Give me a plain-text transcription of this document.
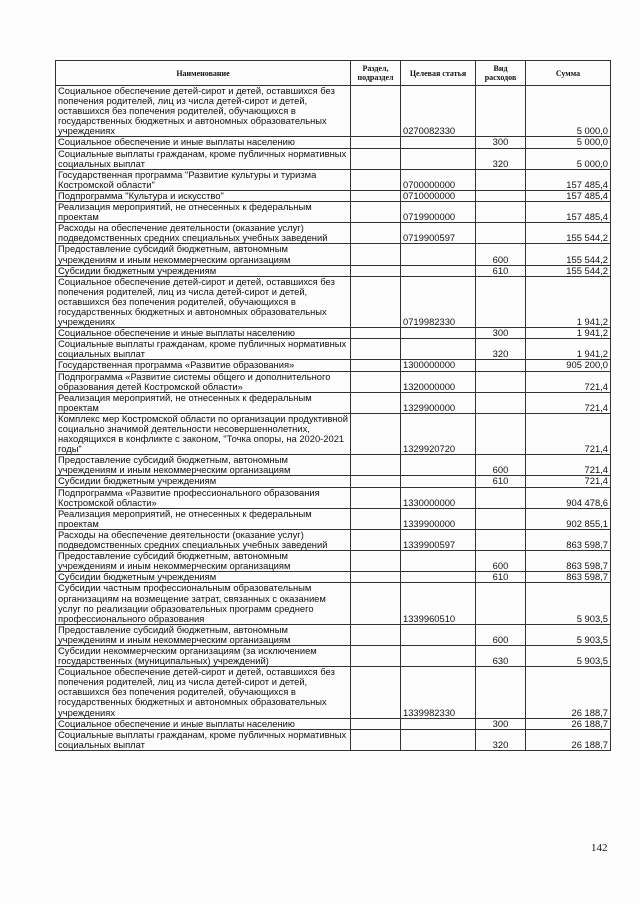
Наименование	Раздел, подраздел	Целевая статья	Вид расходов	Сумма
Социальное обеспечение детей-сирот и детей, оставшихся без попечения родителей, лиц из числа детей-сирот и детей, оставшихся без попечения родителей, обучающихся в государственных бюджетных и автономных образовательных учреждениях		0270082330		5 000,0
Социальное обеспечение и иные выплаты населению			300	5 000,0
Социальные выплаты гражданам, кроме публичных нормативных социальных выплат			320	5 000,0
Государственная программа "Развитие культуры и туризма Костромской области"		0700000000		157 485,4
Подпрограмма "Культура и искусство"		0710000000		157 485,4
Реализация мероприятий, не отнесенных к федеральным проектам		0719900000		157 485,4
Расходы на обеспечение деятельности (оказание услуг) подведомственных средних специальных учебных заведений		0719900597		155 544,2
Предоставление субсидий бюджетным, автономным учреждениям и иным некоммерческим организациям			600	155 544,2
Субсидии бюджетным учреждениям			610	155 544,2
Социальное обеспечение детей-сирот и детей, оставшихся без попечения родителей, лиц из числа детей-сирот и детей, оставшихся без попечения родителей, обучающихся в государственных бюджетных и автономных образовательных учреждениях		0719982330		1 941,2
Социальное обеспечение и иные выплаты населению			300	1 941,2
Социальные выплаты гражданам, кроме публичных нормативных социальных выплат			320	1 941,2
Государственная программа «Развитие образования»		1300000000		905 200,0
Подпрограмма «Развитие системы общего и дополнительного образования детей Костромской области»		1320000000		721,4
Реализация мероприятий, не отнесенных к федеральным проектам		1329900000		721,4
Комплекс мер Костромской области по организации продуктивной социально значимой деятельности несовершеннолетних, находящихся в конфликте с законом, "Точка опоры, на 2020-2021 годы"		1329920720		721,4
Предоставление субсидий бюджетным, автономным учреждениям и иным некоммерческим организациям			600	721,4
Субсидии бюджетным учреждениям			610	721,4
Подпрограмма «Развитие профессионального образования Костромской области»		1330000000		904 478,6
Реализация мероприятий, не отнесенных к федеральным проектам		1339900000		902 855,1
Расходы на обеспечение деятельности (оказание услуг) подведомственных средних специальных учебных заведений		1339900597		863 598,7
Предоставление субсидий бюджетным, автономным учреждениям и иным некоммерческим организациям			600	863 598,7
Субсидии бюджетным учреждениям			610	863 598,7
Субсидии частным профессиональным образовательным организациям на возмещение затрат, связанных с оказанием услуг по реализации образовательных программ среднего профессионального образования		1339960510		5 903,5
Предоставление субсидий бюджетным, автономным учреждениям и иным некоммерческим организациям			600	5 903,5
Субсидии некоммерческим организациям (за исключением государственных (муниципальных) учреждений)			630	5 903,5
Социальное обеспечение детей-сирот и детей, оставшихся без попечения родителей, лиц из числа детей-сирот и детей, оставшихся без попечения родителей, обучающихся в государственных бюджетных и автономных образовательных учреждениях		1339982330		26 188,7
Социальное обеспечение и иные выплаты населению			300	26 188,7
Социальные выплаты гражданам, кроме публичных нормативных социальных выплат			320	26 188,7
142
